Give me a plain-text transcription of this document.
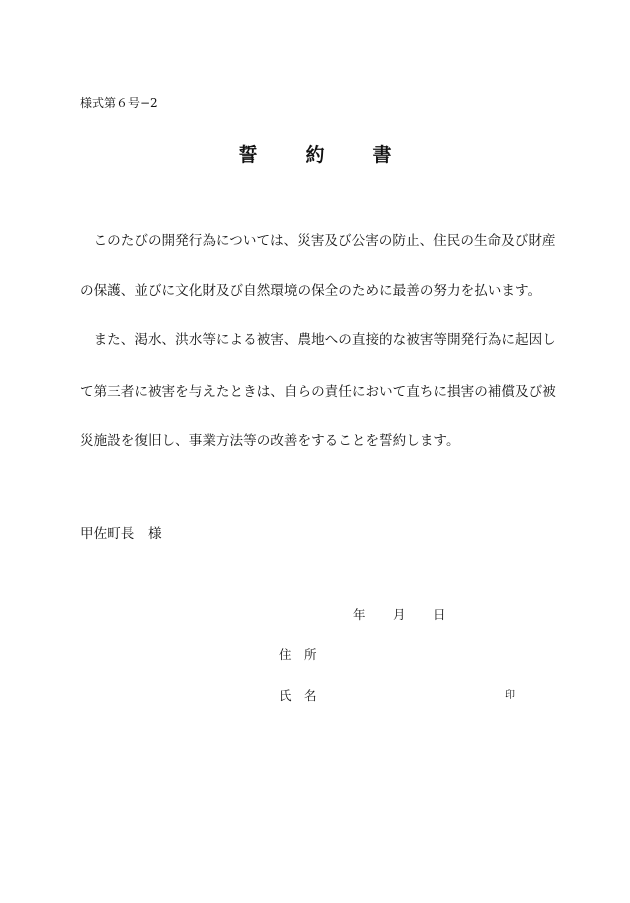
様式第６号−2

誓	約	書

　このたびの開発行為については、災害及び公害の防止、住民の生命及び財産

の保護、並びに文化財及び自然環境の保全のために最善の努力を払います。

　また、渇水、洪水等による被害、農地への直接的な被害等開発行為に起因し

て第三者に被害を与えたときは、自らの責任において直ちに損害の補償及び被

災施設を復旧し、事業方法等の改善をすることを誓約します。

甲佐町長　様

年 月 日
住　所
氏　名	印
